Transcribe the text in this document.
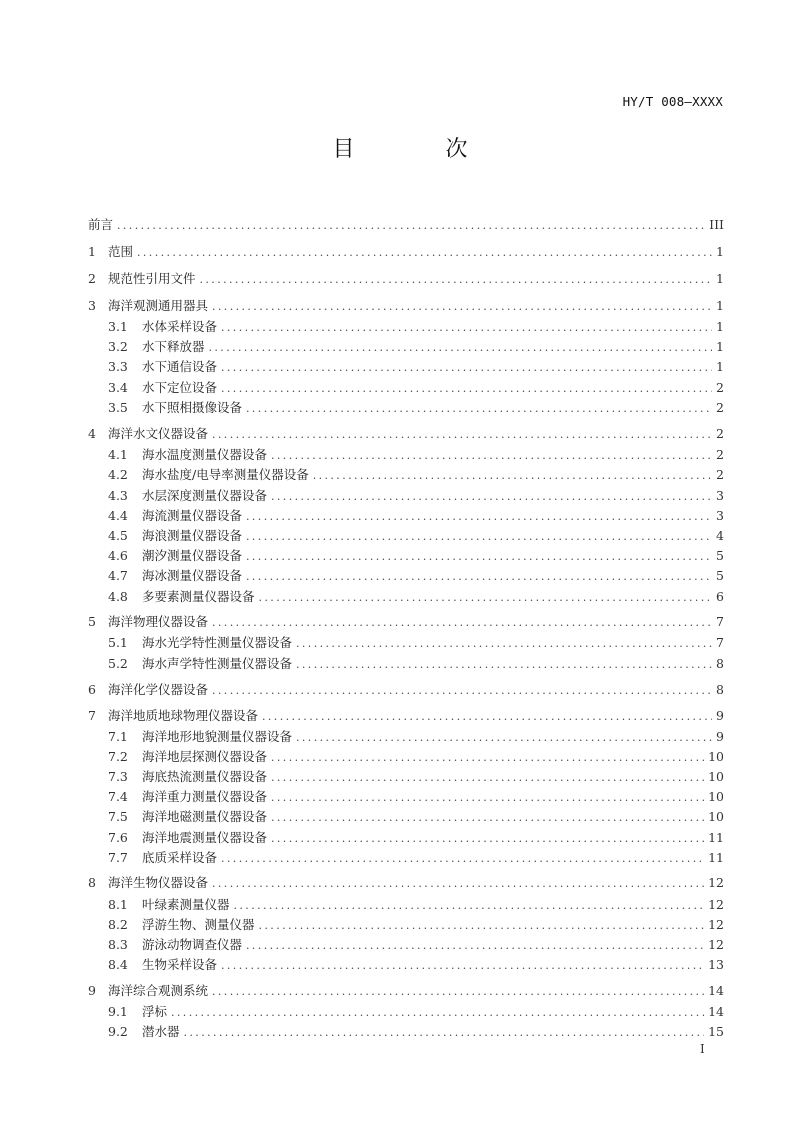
HY/T 008—XXXX
目 次
前言 .....	III
1 范围 .....	1
2 规范性引用文件 .....	1
3 海洋观测通用器具 .....	1
3.1	水体采样设备 .....	1
3.2	水下释放器 .....	1
3.3	水下通信设备 .....	1
3.4	水下定位设备 .....	2
3.5	水下照相摄像设备 .....	2
4 海洋水文仪器设备 .....	2
4.1	海水温度测量仪器设备 .....	2
4.2	海水盐度/电导率测量仪器设备 .....	2
4.3	水层深度测量仪器设备 .....	3
4.4	海流测量仪器设备 .....	3
4.5	海浪测量仪器设备 .....	4
4.6	潮汐测量仪器设备 .....	5
4.7	海冰测量仪器设备 .....	5
4.8	多要素测量仪器设备 .....	6
5 海洋物理仪器设备 .....	7
5.1	海水光学特性测量仪器设备 .....	7
5.2	海水声学特性测量仪器设备 .....	8
6 海洋化学仪器设备 .....	8
7 海洋地质地球物理仪器设备 .....	9
7.1	海洋地形地貌测量仪器设备 .....	9
7.2	海洋地层探测仪器设备 .....	10
7.3	海底热流测量仪器设备 .....	10
7.4	海洋重力测量仪器设备 .....	10
7.5	海洋地磁测量仪器设备 .....	10
7.6	海洋地震测量仪器设备 .....	11
7.7	底质采样设备 .....	11
8 海洋生物仪器设备 .....	12
8.1	叶绿素测量仪器 .....	12
8.2	浮游生物、测量仪器 .....	12
8.3	游泳动物调查仪器 .....	12
8.4	生物采样设备 .....	13
9 海洋综合观测系统 .....	14
9.1	浮标 .....	14
9.2	潜水器 .....	15
I
